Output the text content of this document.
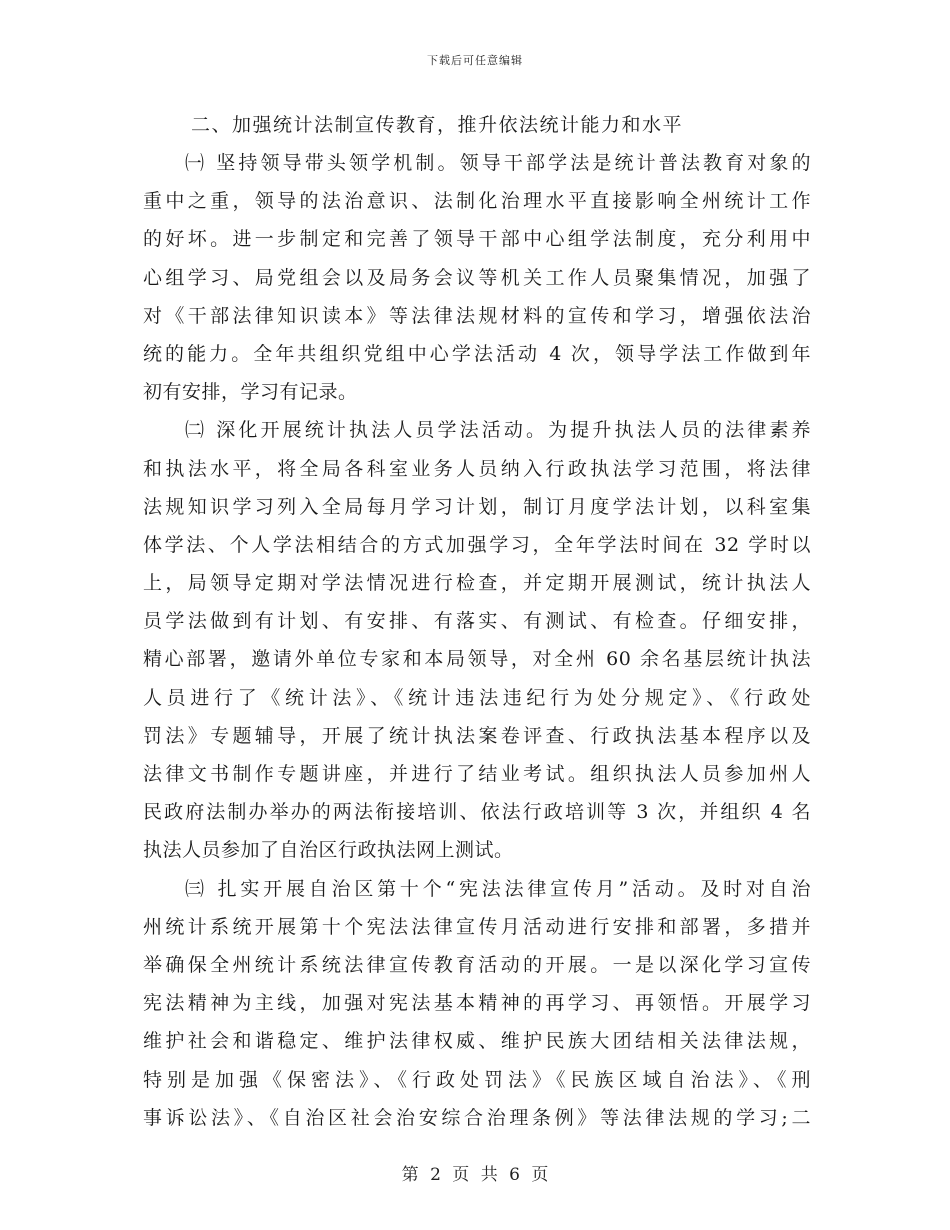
下载后可任意编辑
二、加强统计法制宣传教育，推升依法统计能力和水平
㈠ 坚持领导带头领学机制。领导干部学法是统计普法教育对象的
重中之重，领导的法治意识、法制化治理水平直接影响全州统计工作
的好坏。进一步制定和完善了领导干部中心组学法制度，充分利用中
心组学习、局党组会以及局务会议等机关工作人员聚集情况，加强了
对《干部法律知识读本》等法律法规材料的宣传和学习，增强依法治
统的能力。全年共组织党组中心学法活动 4 次，领导学法工作做到年
初有安排，学习有记录。
㈡ 深化开展统计执法人员学法活动。为提升执法人员的法律素养
和执法水平，将全局各科室业务人员纳入行政执法学习范围，将法律
法规知识学习列入全局每月学习计划，制订月度学法计划，以科室集
体学法、个人学法相结合的方式加强学习，全年学法时间在 32 学时以
上，局领导定期对学法情况进行检查，并定期开展测试，统计执法人
员学法做到有计划、有安排、有落实、有测试、有检查。仔细安排，
精心部署，邀请外单位专家和本局领导，对全州 60 余名基层统计执法
人员进行了《统计法》、《统计违法违纪行为处分规定》、《行政处
罚法》专题辅导，开展了统计执法案卷评查、行政执法基本程序以及
法律文书制作专题讲座，并进行了结业考试。组织执法人员参加州人
民政府法制办举办的两法衔接培训、依法行政培训等 3 次，并组织 4 名
执法人员参加了自治区行政执法网上测试。
㈢ 扎实开展自治区第十个“宪法法律宣传月”活动。及时对自治
州统计系统开展第十个宪法法律宣传月活动进行安排和部署，多措并
举确保全州统计系统法律宣传教育活动的开展。一是以深化学习宣传
宪法精神为主线，加强对宪法基本精神的再学习、再领悟。开展学习
维护社会和谐稳定、维护法律权威、维护民族大团结相关法律法规，
特别是加强《保密法》、《行政处罚法》《民族区域自治法》、《刑
事诉讼法》、《自治区社会治安综合治理条例》等法律法规的学习;二
第 2 页 共 6 页
